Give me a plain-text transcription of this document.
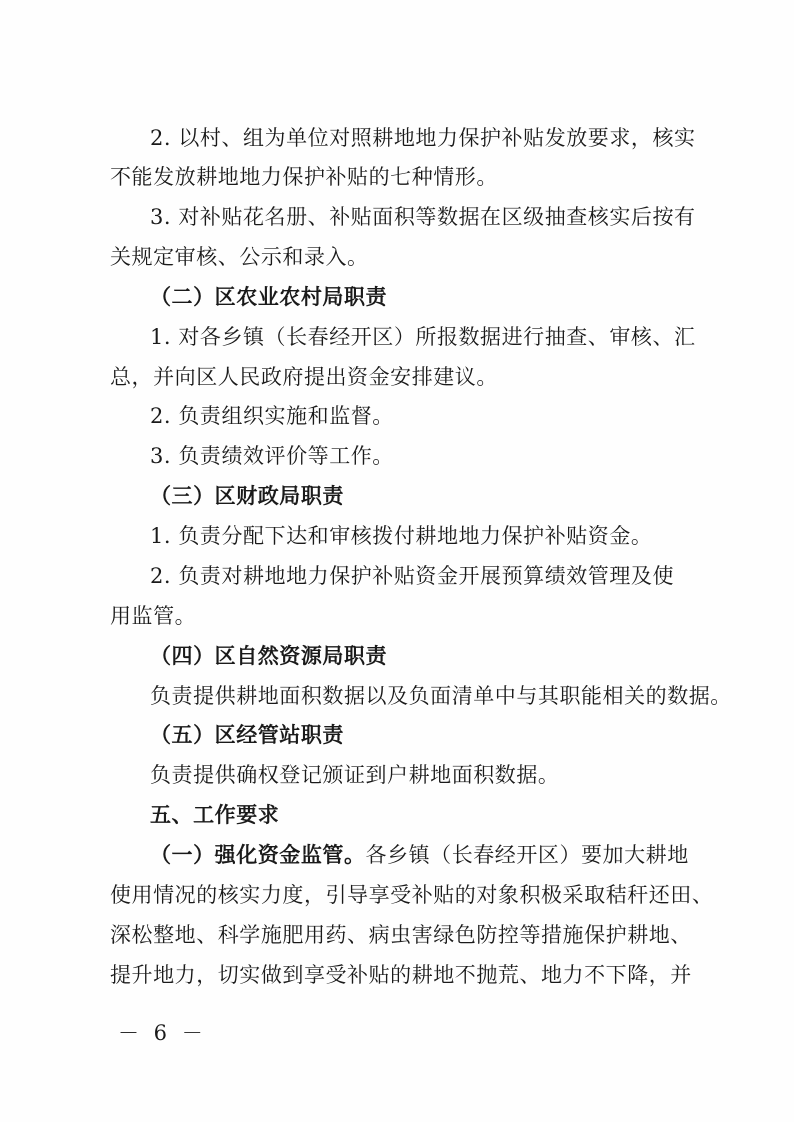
2. 以村、组为单位对照耕地地力保护补贴发放要求，核实
不能发放耕地地力保护补贴的七种情形。
3. 对补贴花名册、补贴面积等数据在区级抽查核实后按有
关规定审核、公示和录入。
（二）区农业农村局职责
1. 对各乡镇（长春经开区）所报数据进行抽查、审核、汇
总，并向区人民政府提出资金安排建议。
2. 负责组织实施和监督。
3. 负责绩效评价等工作。
（三）区财政局职责
1. 负责分配下达和审核拨付耕地地力保护补贴资金。
2. 负责对耕地地力保护补贴资金开展预算绩效管理及使
用监管。
（四）区自然资源局职责
负责提供耕地面积数据以及负面清单中与其职能相关的数据。
（五）区经管站职责
负责提供确权登记颁证到户耕地面积数据。
五、工作要求
（一）强化资金监管。各乡镇（长春经开区）要加大耕地
使用情况的核实力度，引导享受补贴的对象积极采取秸秆还田、
深松整地、科学施肥用药、病虫害绿色防控等措施保护耕地、
提升地力，切实做到享受补贴的耕地不抛荒、地力不下降，并
－ 6 －
